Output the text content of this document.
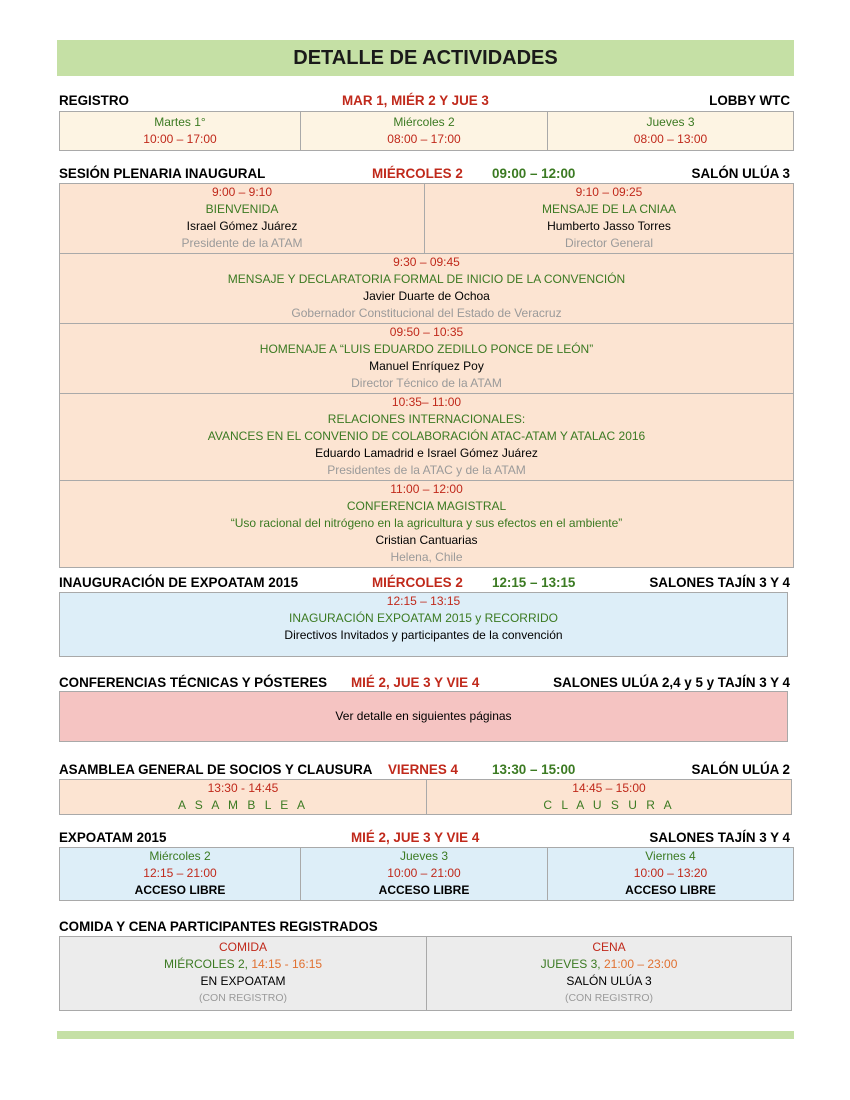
DETALLE DE ACTIVIDADES
REGISTRO	MAR 1, MIÉR 2 Y JUE 3	LOBBY WTC
Martes 1°
10:00 – 17:00
Miércoles 2
08:00 – 17:00
Jueves 3
08:00 – 13:00
SESIÓN PLENARIA INAUGURAL	MIÉRCOLES 2 09:00 – 12:00	SALÓN ULÚA 3
9:00 – 9:10
BIENVENIDA
Israel Gómez Juárez
Presidente de la ATAM
9:10 – 09:25
MENSAJE DE LA CNIAA
Humberto Jasso Torres
Director General
9:30 – 09:45
MENSAJE Y DECLARATORIA FORMAL DE INICIO DE LA CONVENCIÓN
Javier Duarte de Ochoa
Gobernador Constitucional del Estado de Veracruz
09:50 – 10:35
HOMENAJE A “LUIS EDUARDO ZEDILLO PONCE DE LEÓN”
Manuel Enríquez Poy
Director Técnico de la ATAM
10:35– 11:00
RELACIONES INTERNACIONALES:
AVANCES EN EL CONVENIO DE COLABORACIÓN ATAC-ATAM Y ATALAC 2016
Eduardo Lamadrid e Israel Gómez Juárez
Presidentes de la ATAC y de la ATAM
11:00 – 12:00
CONFERENCIA MAGISTRAL
“Uso racional del nitrógeno en la agricultura y sus efectos en el ambiente”
Cristian Cantuarias
Helena, Chile
INAUGURACIÓN DE EXPOATAM 2015	MIÉRCOLES 2 12:15 – 13:15	SALONES TAJÍN 3 Y 4
12:15 – 13:15
INAGURACIÓN EXPOATAM 2015 y RECORRIDO
Directivos Invitados y participantes de la convención
CONFERENCIAS TÉCNICAS Y PÓSTERES MIÉ 2, JUE 3 Y VIE 4	SALONES ULÚA 2,4 y 5 y TAJÍN 3 Y 4
Ver detalle en siguientes páginas
ASAMBLEA GENERAL DE SOCIOS Y CLAUSURA VIERNES 4	13:30 – 15:00	SALÓN ULÚA 2
13:30 - 14:45
A S A M B L E A
14:45 – 15:00
C L A U S U R A
EXPOATAM 2015	MIÉ 2, JUE 3 Y VIE 4	SALONES TAJÍN 3 Y 4
Miércoles 2
12:15 – 21:00
ACCESO LIBRE
Jueves 3
10:00 – 21:00
ACCESO LIBRE
Viernes 4
10:00 – 13:20
ACCESO LIBRE
COMIDA Y CENA PARTICIPANTES REGISTRADOS
COMIDA
MIÉRCOLES 2, 14:15 - 16:15
EN EXPOATAM
(CON REGISTRO)
CENA
JUEVES 3, 21:00 – 23:00
SALÓN ULÚA 3
(CON REGISTRO)
